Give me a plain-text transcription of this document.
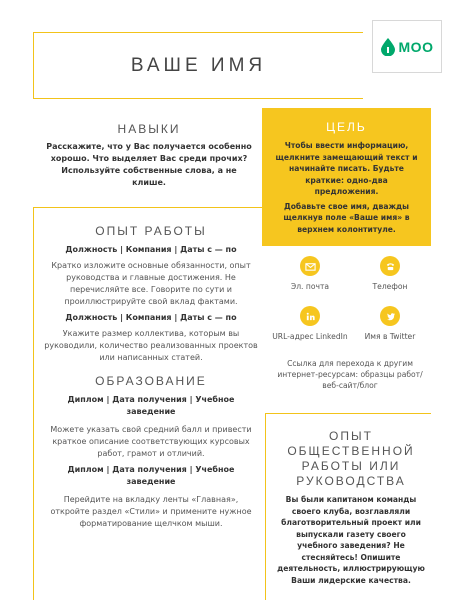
ВАШЕ ИМЯ
MOO
НАВЫКИ
Расскажите, что у Вас получается особенно хорошо. Что выделяет Вас среди прочих? Используйте собственные слова, а не клише.
ОПЫТ РАБОТЫ
Должность | Компания | Даты с — по
Кратко изложите основные обязанности, опыт руководства и главные достижения. Не перечисляйте все. Говорите по сути и проиллюстрируйте свой вклад фактами.
Должность | Компания | Даты с — по
Укажите размер коллектива, которым вы руководили, количество реализованных проектов или написанных статей.
ОБРАЗОВАНИЕ
Диплом | Дата получения | Учебное заведение
Можете указать свой средний балл и привести краткое описание соответствующих курсовых работ, грамот и отличий.
Диплом | Дата получения | Учебное заведение
Перейдите на вкладку ленты «Главная», откройте раздел «Стили» и примените нужное форматирование щелчком мыши.
ЦЕЛЬ
Чтобы ввести информацию, щелкните замещающий текст и начинайте писать. Будьте краткие: одно-два предложения.
Добавьте свое имя, дважды щелкнув поле «Ваше имя» в верхнем колонтитуле.
Эл. почта	Телефон
URL-адрес LinkedIn Имя в Twitter
Ссылка для перехода к другим интернет-ресурсам: образцы работ/веб-сайт/блог
ОПЫТ ОБЩЕСТВЕННОЙ РАБОТЫ ИЛИ РУКОВОДСТВА
Вы были капитаном команды своего клуба, возглавляли благотворительный проект или выпускали газету своего учебного заведения? Не стесняйтесь! Опишите деятельность, иллюстрирующую Ваши лидерские качества.
